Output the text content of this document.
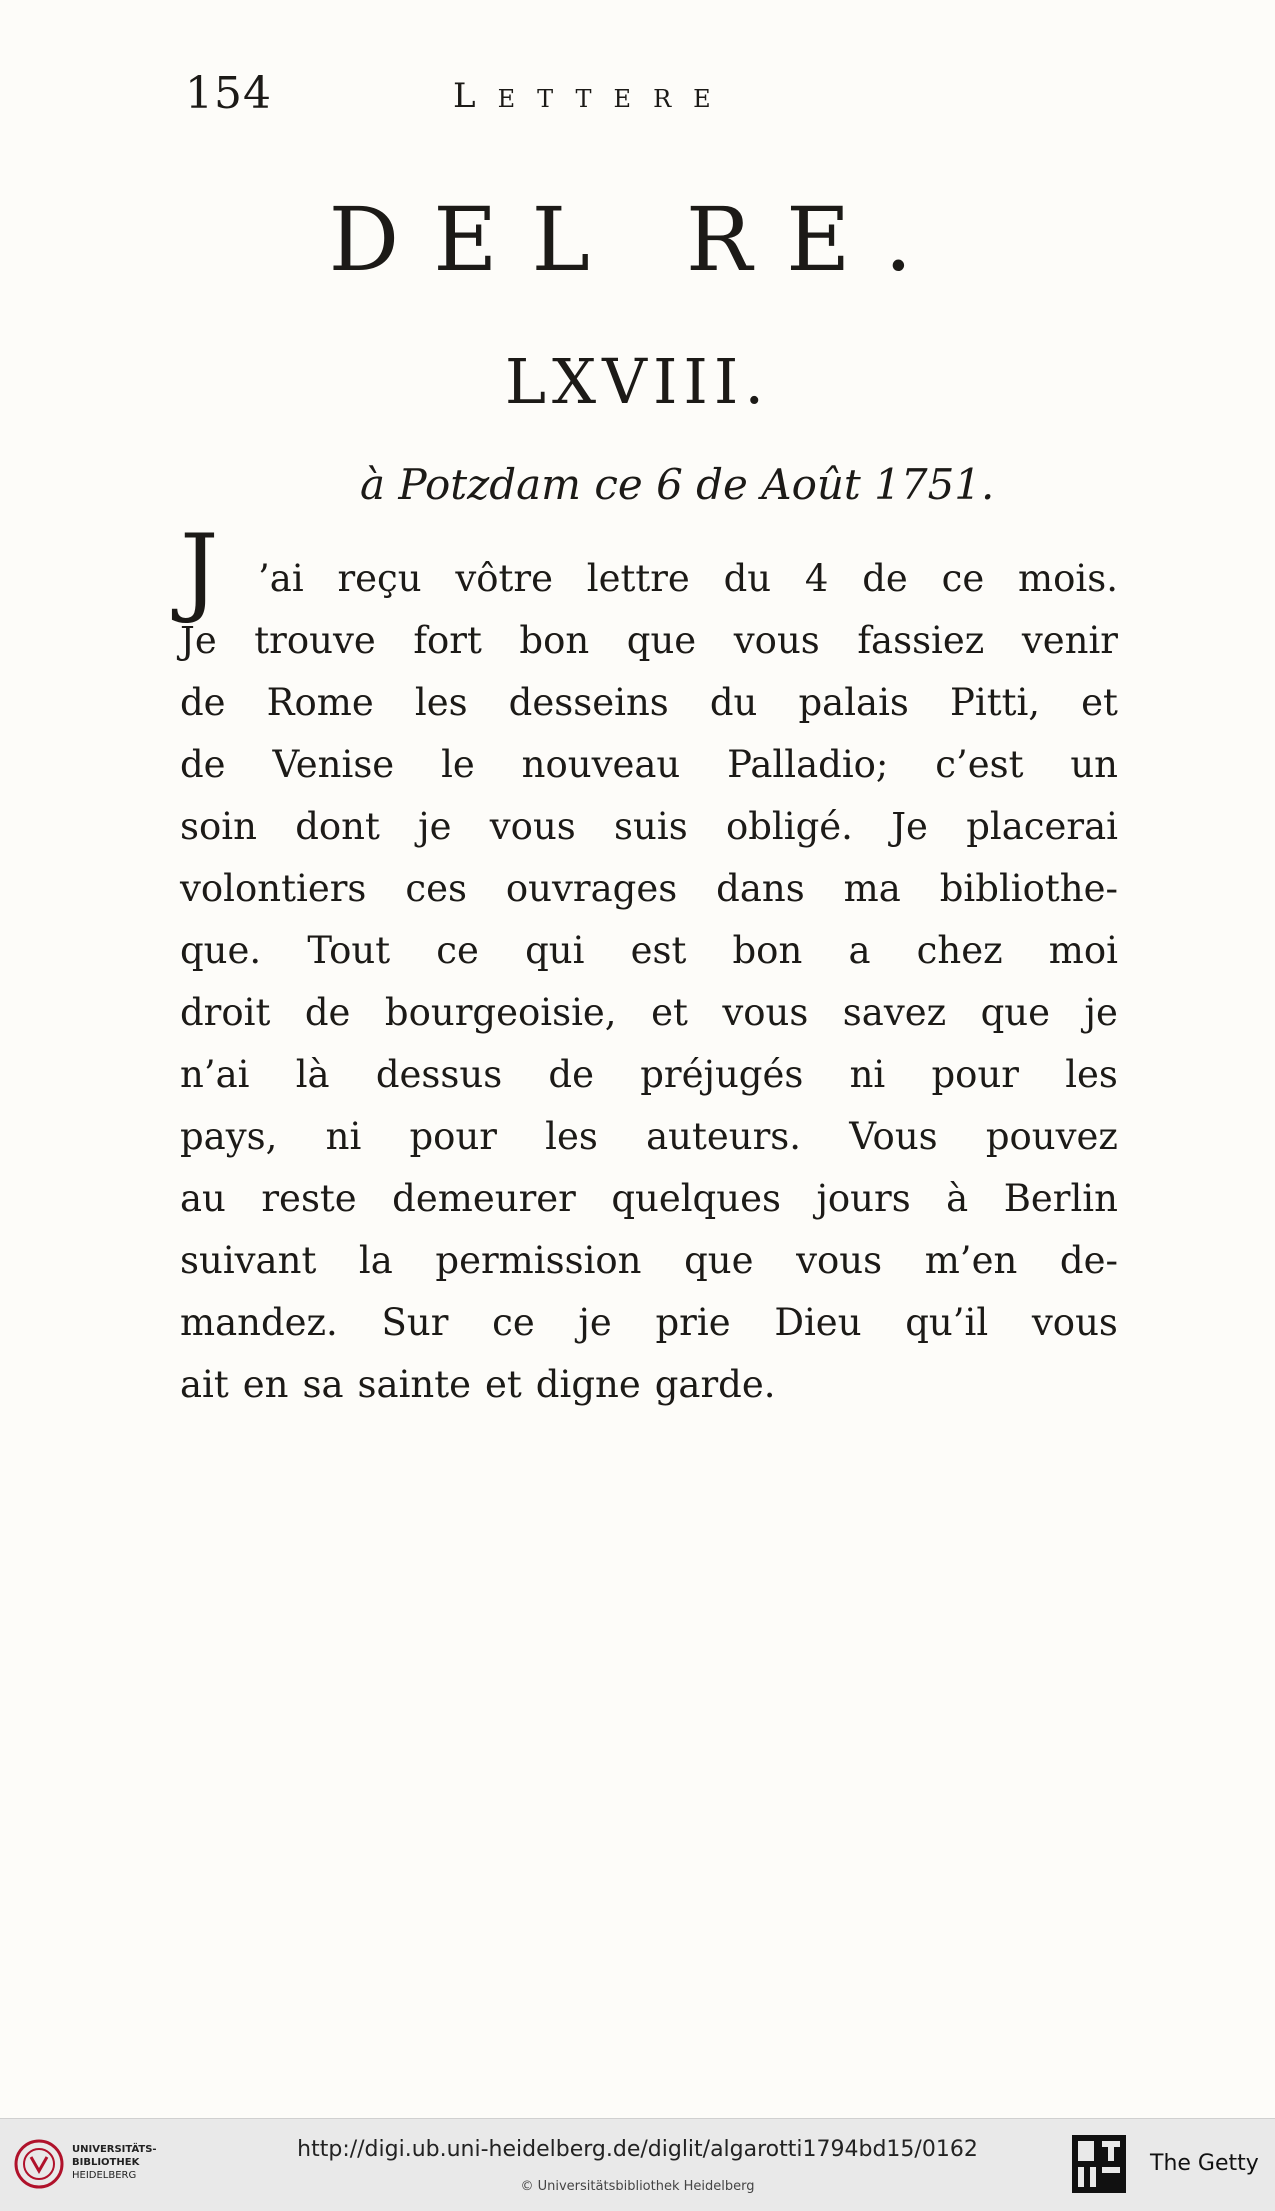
154	Lettere
DEL RE.
LXVIII.
à Potzdam ce 6 de Août 1751.
J ’ai reçu vôtre lettre du 4 de ce mois.
Je trouve fort bon que vous fassiez venir
de Rome les desseins du palais Pitti, et
de Venise le nouveau Palladio; c’est un
soin dont je vous suis obligé. Je placerai
volontiers ces ouvrages dans ma bibliothe-
que. Tout ce qui est bon a chez moi
droit de bourgeoisie, et vous savez que je
n’ai là dessus de préjugés ni pour les
pays, ni pour les auteurs. Vous pouvez
au reste demeurer quelques jours à Berlin
suivant la permission que vous m’en de-
mandez. Sur ce je prie Dieu qu’il vous
ait en sa sainte et digne garde.
UNIVERSITÄTS-
BIBLIOTHEK
HEIDELBERG
http://digi.ub.uni-heidelberg.de/diglit/algarotti1794bd15/0162
© Universitätsbibliothek Heidelberg
The Getty
